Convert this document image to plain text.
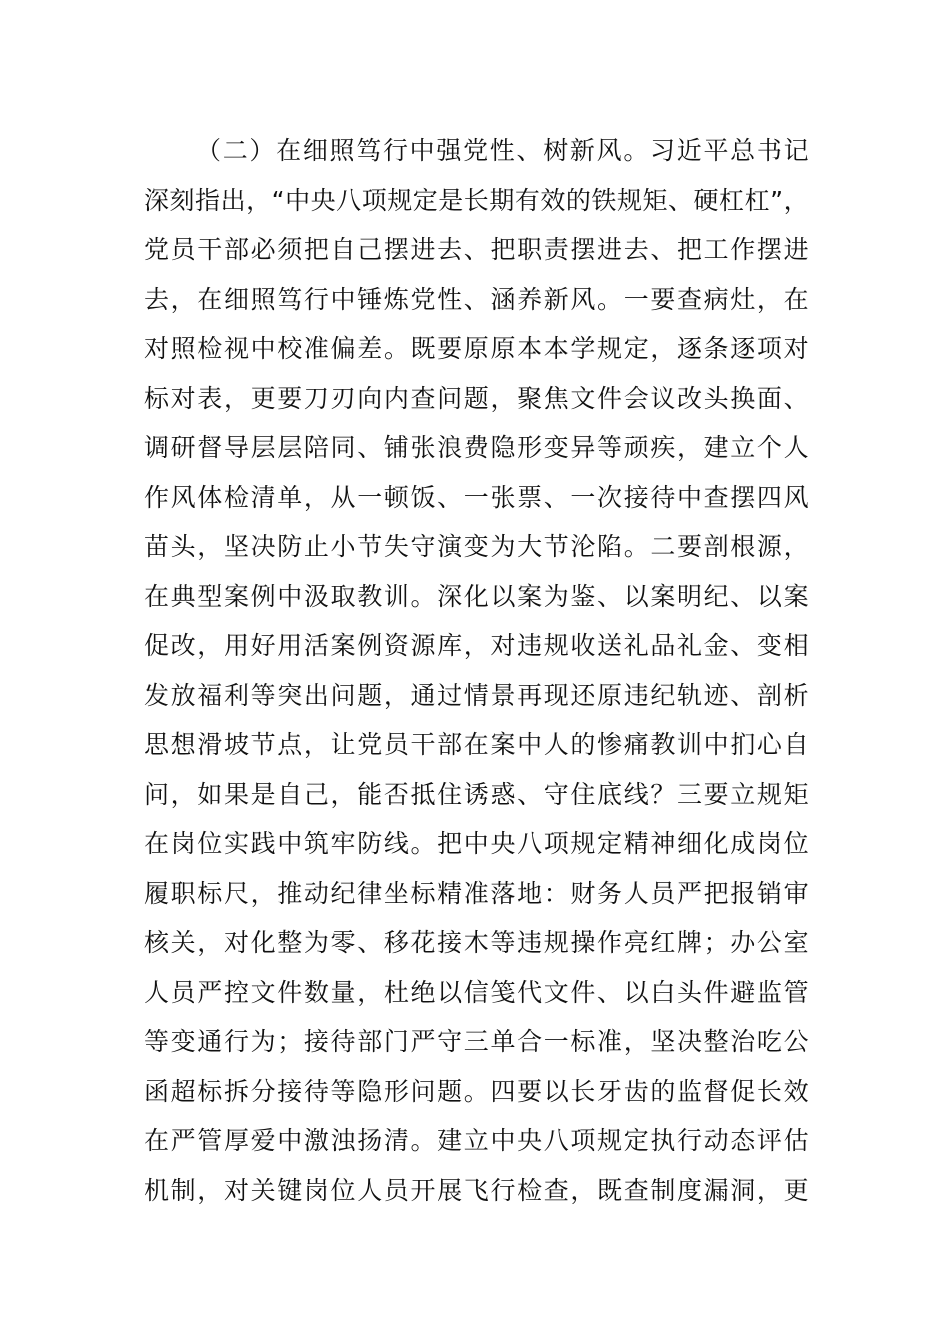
（二）在细照笃行中强党性、树新风。习近平总书记
深刻指出，“中央八项规定是长期有效的铁规矩、硬杠杠”，
党员干部必须把自己摆进去、把职责摆进去、把工作摆进
去，在细照笃行中锤炼党性、涵养新风。一要查病灶，在
对照检视中校准偏差。既要原原本本学规定，逐条逐项对
标对表，更要刀刃向内查问题，聚焦文件会议改头换面、
调研督导层层陪同、铺张浪费隐形变异等顽疾，建立个人
作风体检清单，从一顿饭、一张票、一次接待中查摆四风
苗头，坚决防止小节失守演变为大节沦陷。二要剖根源，
在典型案例中汲取教训。深化以案为鉴、以案明纪、以案
促改，用好用活案例资源库，对违规收送礼品礼金、变相
发放福利等突出问题，通过情景再现还原违纪轨迹、剖析
思想滑坡节点，让党员干部在案中人的惨痛教训中扪心自
问，如果是自己，能否抵住诱惑、守住底线？三要立规矩
在岗位实践中筑牢防线。把中央八项规定精神细化成岗位
履职标尺，推动纪律坐标精准落地：财务人员严把报销审
核关，对化整为零、移花接木等违规操作亮红牌；办公室
人员严控文件数量，杜绝以信笺代文件、以白头件避监管
等变通行为；接待部门严守三单合一标准，坚决整治吃公
函超标拆分接待等隐形问题。四要以长牙齿的监督促长效
在严管厚爱中激浊扬清。建立中央八项规定执行动态评估
机制，对关键岗位人员开展飞行检查，既查制度漏洞，更
